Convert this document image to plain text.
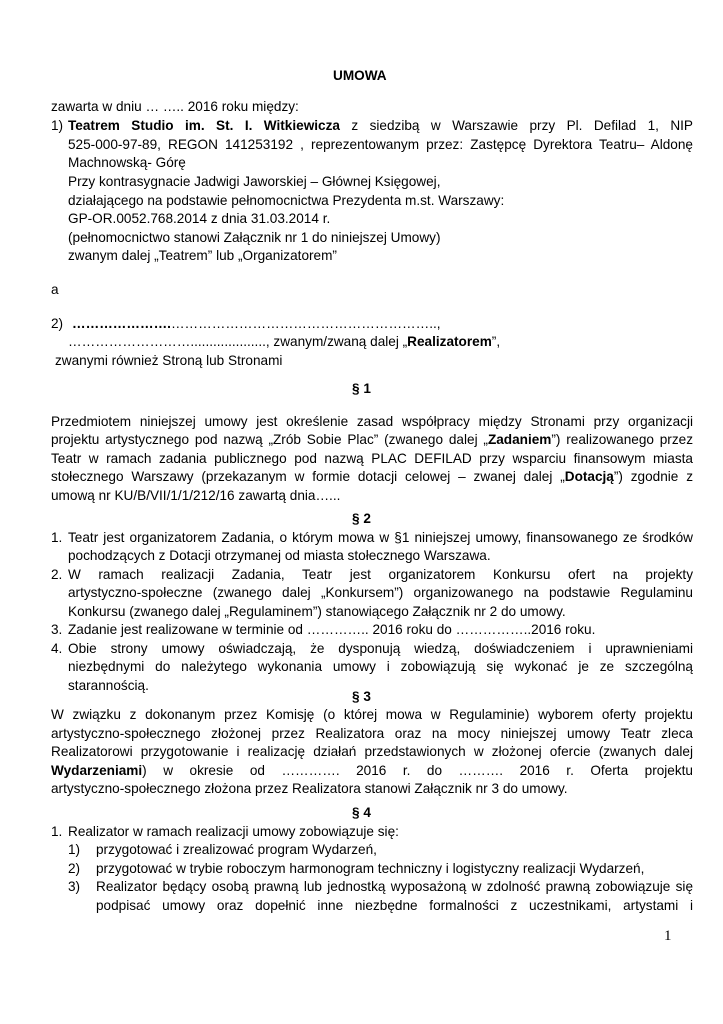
UMOWA
zawarta w dniu … ….. 2016 roku między:
1) Teatrem Studio im. St. I. Witkiewicza z siedzibą w Warszawie przy Pl. Defilad 1, NIP
525-000-97-89, REGON 141253192 , reprezentowanym przez: Zastępcę Dyrektora Teatru– Aldonę
Machnowską- Górę
Przy kontrasygnacie Jadwigi Jaworskiej – Głównej Księgowej,
działającego na podstawie pełnomocnictwa Prezydenta m.st. Warszawy:
GP-OR.0052.768.2014 z dnia 31.03.2014 r.
(pełnomocnictwo stanowi Załącznik nr 1 do niniejszej Umowy)
zwanym dalej „Teatrem” lub „Organizatorem”
a
2) ………………….…………………………………………………..,
………………………...................., zwanym/zwaną dalej „Realizatorem”,
zwanymi również Stroną lub Stronami
§ 1
Przedmiotem niniejszej umowy jest określenie zasad współpracy między Stronami przy organizacji
projektu artystycznego pod nazwą „Zrób Sobie Plac” (zwanego dalej „Zadaniem”) realizowanego przez
Teatr w ramach zadania publicznego pod nazwą PLAC DEFILAD przy wsparciu finansowym miasta
stołecznego Warszawy (przekazanym w formie dotacji celowej – zwanej dalej „Dotacją”) zgodnie z
umową nr KU/B/VII/1/1/212/16 zawartą dnia…...
§ 2
1. Teatr jest organizatorem Zadania, o którym mowa w §1 niniejszej umowy, finansowanego ze środków
pochodzących z Dotacji otrzymanej od miasta stołecznego Warszawa.
2. W ramach realizacji Zadania, Teatr jest organizatorem Konkursu ofert na projekty
artystyczno-społeczne (zwanego dalej „Konkursem”) organizowanego na podstawie Regulaminu
Konkursu (zwanego dalej „Regulaminem”) stanowiącego Załącznik nr 2 do umowy.
3. Zadanie jest realizowane w terminie od ………….. 2016 roku do ……………..2016 roku.
4. Obie strony umowy oświadczają, że dysponują wiedzą, doświadczeniem i uprawnieniami
niezbędnymi do należytego wykonania umowy i zobowiązują się wykonać je ze szczególną
starannością.
§ 3
W związku z dokonanym przez Komisję (o której mowa w Regulaminie) wyborem oferty projektu
artystyczno-społecznego złożonej przez Realizatora oraz na mocy niniejszej umowy Teatr zleca
Realizatorowi przygotowanie i realizację działań przedstawionych w złożonej ofercie (zwanych dalej
Wydarzeniami) w okresie od …………. 2016 r. do ………. 2016 r. Oferta projektu
artystyczno-społecznego złożona przez Realizatora stanowi Załącznik nr 3 do umowy.
§ 4
1. Realizator w ramach realizacji umowy zobowiązuje się:
1) przygotować i zrealizować program Wydarzeń,
2) przygotować w trybie roboczym harmonogram techniczny i logistyczny realizacji Wydarzeń,
3) Realizator będący osobą prawną lub jednostką wyposażoną w zdolność prawną zobowiązuje się
podpisać umowy oraz dopełnić inne niezbędne formalności z uczestnikami, artystami i
1
